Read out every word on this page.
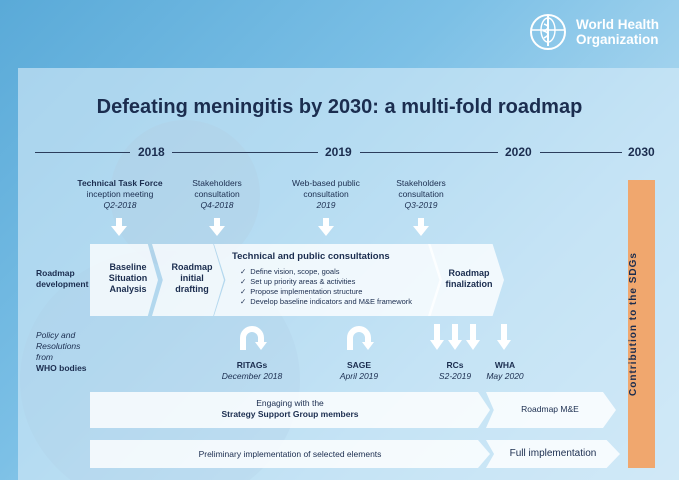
World Health
Organization
Defeating meningitis by 2030: a multi-fold roadmap
2018	2019	2020	2030
Technical Task Force
inception meeting
Q2-2018
Stakeholders
consultation
Q4-2018
Web-based public
consultation
2019
Stakeholders
consultation
Q3-2019
Roadmap
development
Baseline
Situation
Analysis
Roadmap
initial
drafting
Technical and public consultations
✓ Define vision, scope, goals
✓ Set up priority areas & activities
✓ Propose implementation structure
✓ Develop baseline indicators and M&E framework
Roadmap
finalization
Policy and
Resolutions
from
WHO bodies	RITAGs
December 2018
SAGE
April 2019
RCs
S2-2019
WHA
May 2020
Engaging with the
Strategy Support Group members	Roadmap M&E
Preliminary implementation of selected elements	Full implementation
Contribution to the SDGs
